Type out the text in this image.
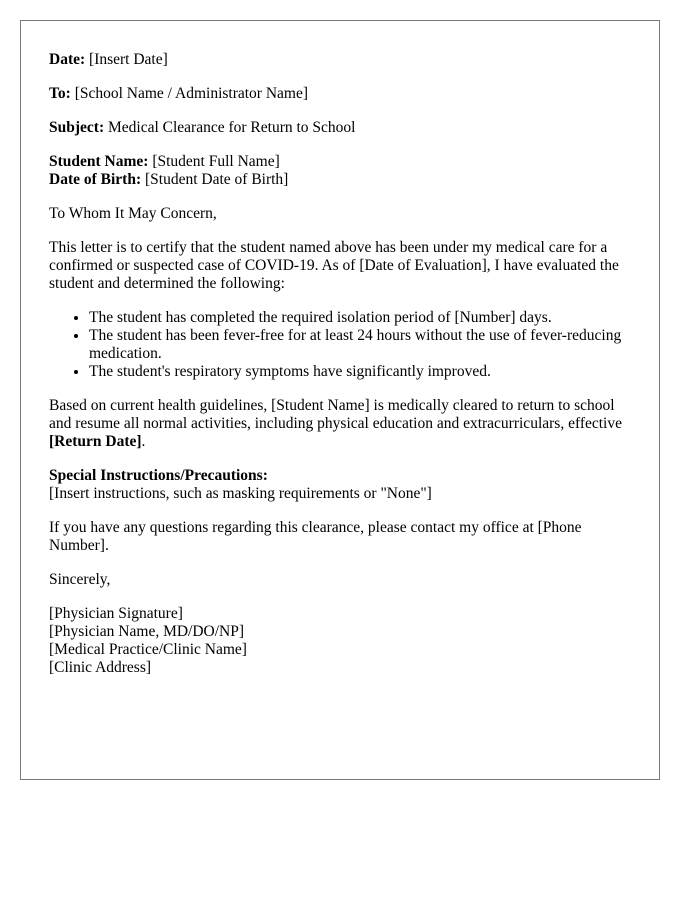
Date: [Insert Date]

To: [School Name / Administrator Name]

Subject: Medical Clearance for Return to School

Student Name: [Student Full Name]
Date of Birth: [Student Date of Birth]

To Whom It May Concern,

This letter is to certify that the student named above has been under my medical care for a confirmed or suspected case of COVID-19. As of [Date of Evaluation], I have evaluated the student and determined the following:

• The student has completed the required isolation period of [Number] days.
• The student has been fever-free for at least 24 hours without the use of fever-reducing medication.
• The student's respiratory symptoms have significantly improved.

Based on current health guidelines, [Student Name] is medically cleared to return to school and resume all normal activities, including physical education and extracurriculars, effective [Return Date].

Special Instructions/Precautions:
[Insert instructions, such as masking requirements or "None"]

If you have any questions regarding this clearance, please contact my office at [Phone Number].

Sincerely,

[Physician Signature]
[Physician Name, MD/DO/NP]
[Medical Practice/Clinic Name]
[Clinic Address]
